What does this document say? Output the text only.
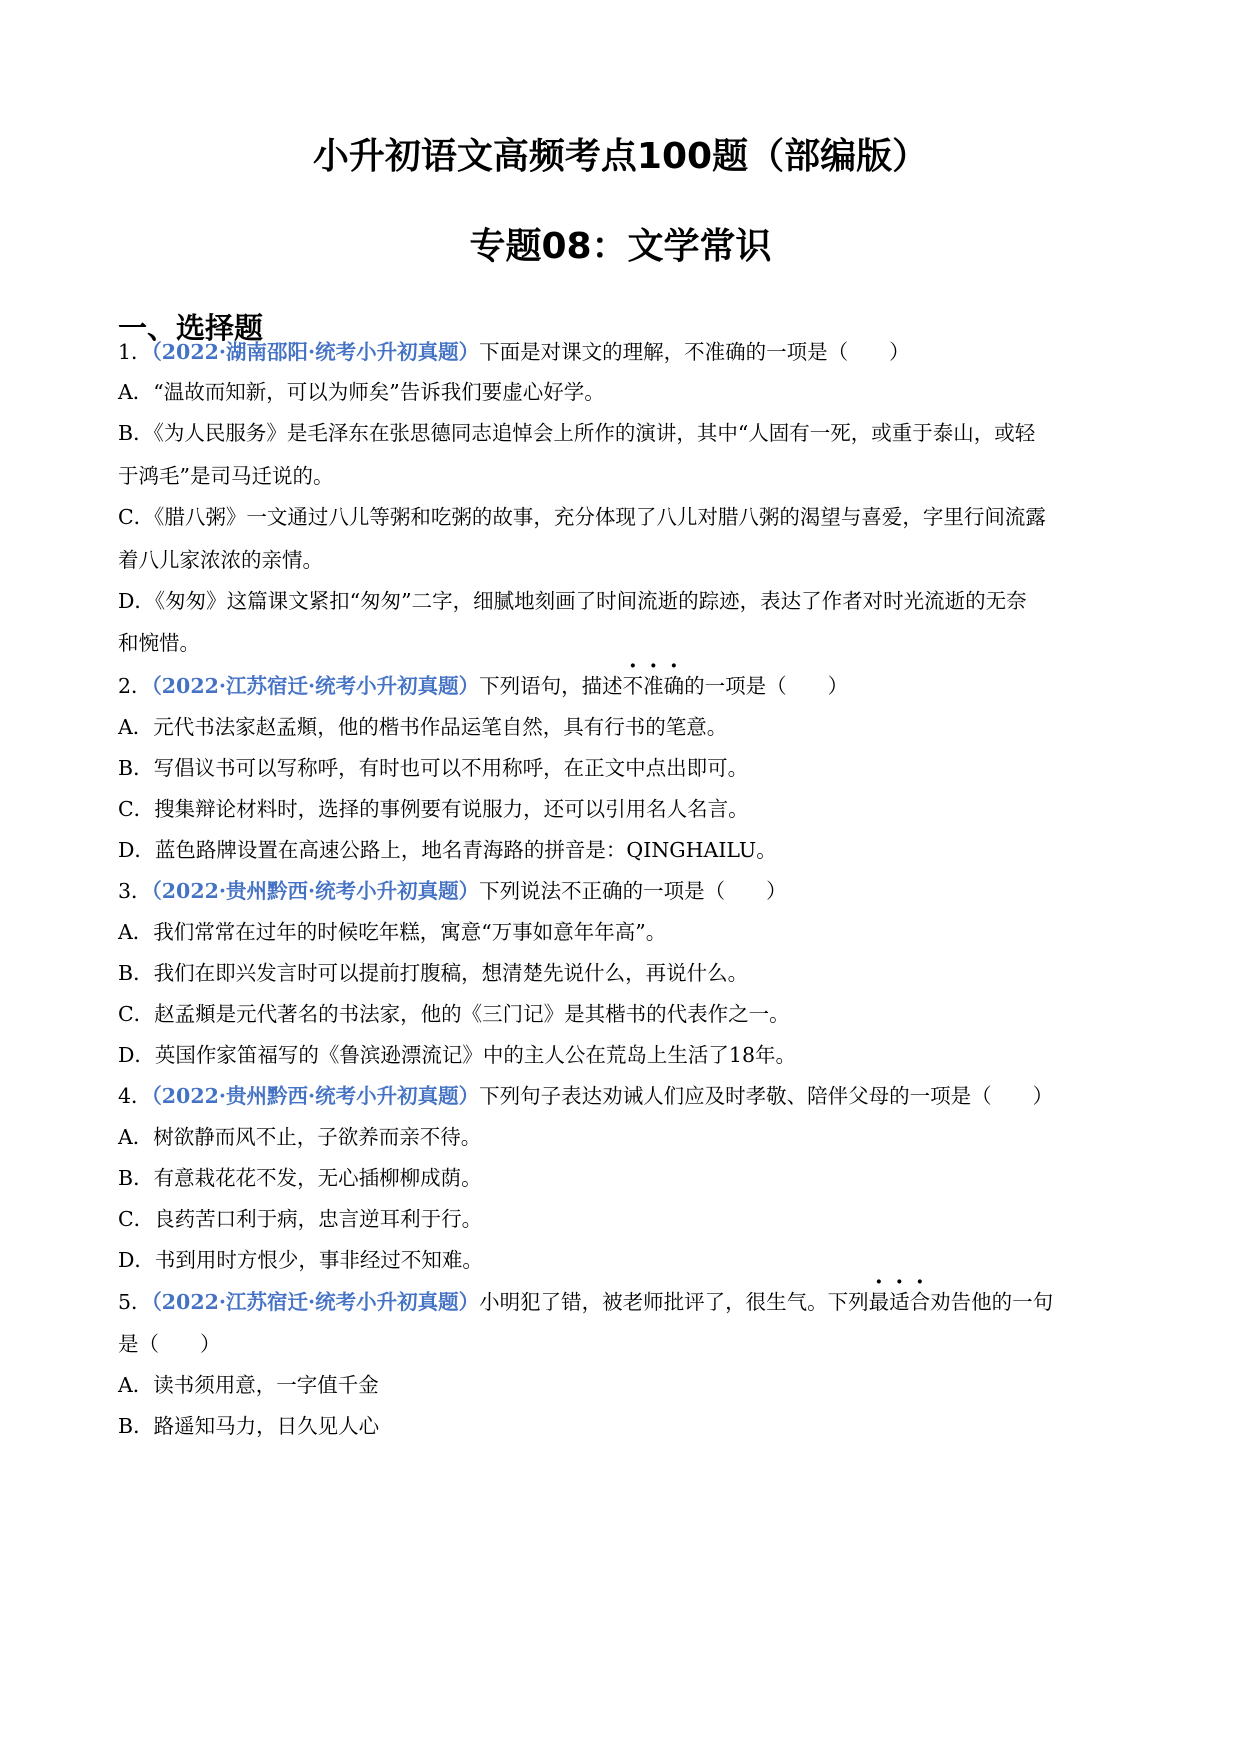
小升初语文高频考点100题（部编版）
专题08：文学常识
一、选择题
1．（2022·湖南邵阳·统考小升初真题）下面是对课文的理解，不准确的一项是（　　）
A．“温故而知新，可以为师矣”告诉我们要虚心好学。
B．《为人民服务》是毛泽东在张思德同志追悼会上所作的演讲，其中“人固有一死，或重于泰山，或轻
于鸿毛”是司马迁说的。
C．《腊八粥》一文通过八儿等粥和吃粥的故事，充分体现了八儿对腊八粥的渴望与喜爱，字里行间流露
着八儿家浓浓的亲情。
D．《匆匆》这篇课文紧扣“匆匆”二字，细腻地刻画了时间流逝的踪迹，表达了作者对时光流逝的无奈
和惋惜。
2．（2022·江苏宿迁·统考小升初真题）下列语句，描述不准确的一项是（　　）
A．元代书法家赵孟頫，他的楷书作品运笔自然，具有行书的笔意。
B．写倡议书可以写称呼，有时也可以不用称呼，在正文中点出即可。
C．搜集辩论材料时，选择的事例要有说服力，还可以引用名人名言。
D．蓝色路牌设置在高速公路上，地名青海路的拼音是：QINGHAILU。
3．（2022·贵州黔西·统考小升初真题）下列说法不正确的一项是（　　）
A．我们常常在过年的时候吃年糕，寓意“万事如意年年高”。
B．我们在即兴发言时可以提前打腹稿，想清楚先说什么，再说什么。
C．赵孟頫是元代著名的书法家，他的《三门记》是其楷书的代表作之一。
D．英国作家笛福写的《鲁滨逊漂流记》中的主人公在荒岛上生活了18年。
4．（2022·贵州黔西·统考小升初真题）下列句子表达劝诫人们应及时孝敬、陪伴父母的一项是（　　）
A．树欲静而风不止，子欲养而亲不待。
B．有意栽花花不发，无心插柳柳成荫。
C．良药苦口利于病，忠言逆耳利于行。
D．书到用时方恨少，事非经过不知难。
5．（2022·江苏宿迁·统考小升初真题）小明犯了错，被老师批评了，很生气。下列最适合劝告他的一句
是（　　）
A．读书须用意，一字值千金
B．路遥知马力，日久见人心
